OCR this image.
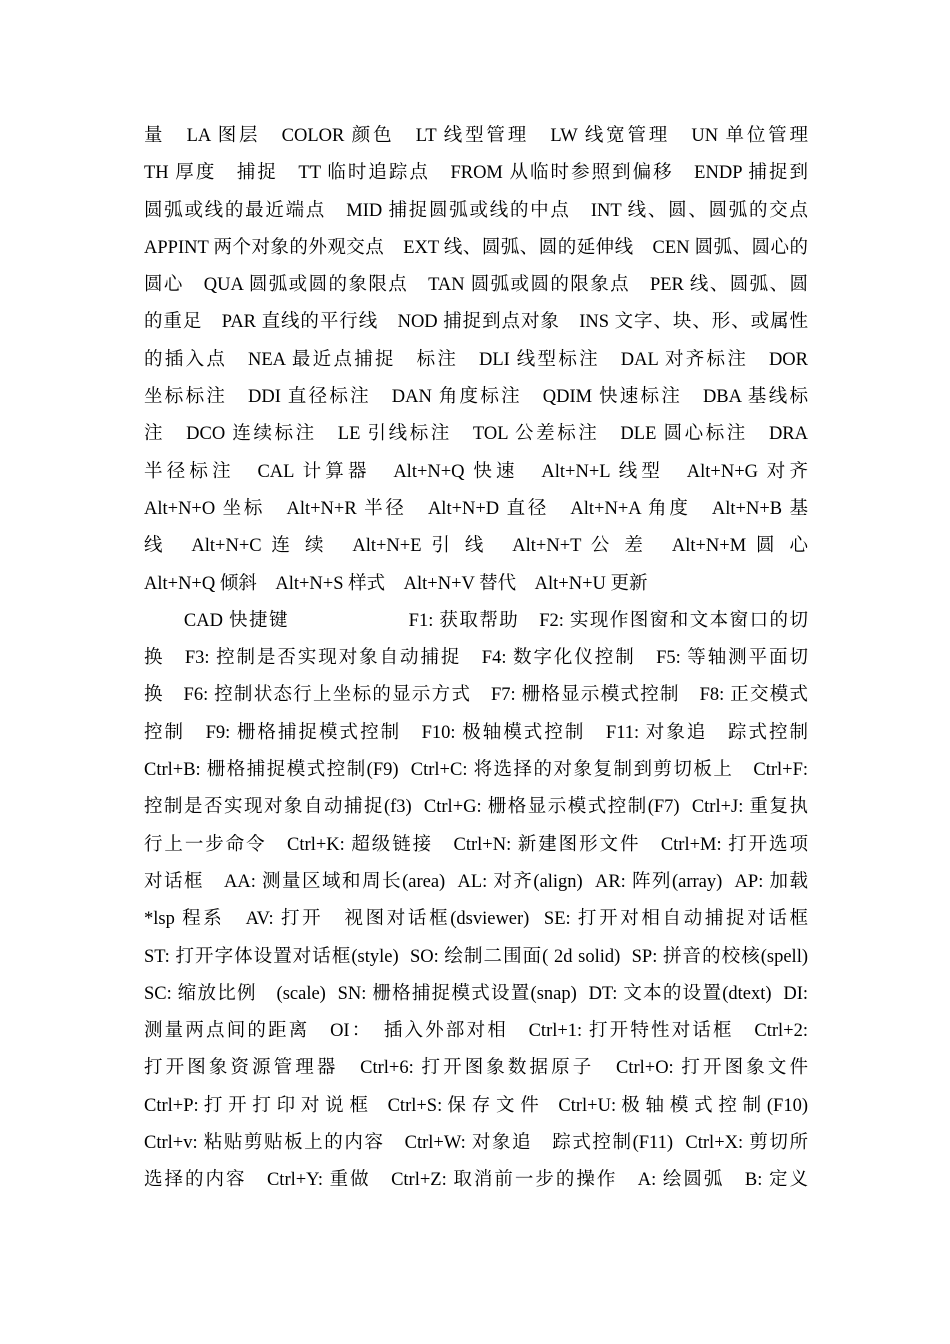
量　LA 图层　COLOR 颜色　LT 线型管理　LW 线宽管理　UN 单位管理
TH 厚度　捕捉　TT 临时追踪点　FROM 从临时参照到偏移　ENDP 捕捉到
圆弧或线的最近端点　MID 捕捉圆弧或线的中点　INT 线、圆、圆弧的交点
APPINT 两个对象的外观交点　EXT 线、圆弧、圆的延伸线　CEN 圆弧、圆心的
圆心　QUA 圆弧或圆的象限点　TAN 圆弧或圆的限象点　PER 线、圆弧、圆
的重足　PAR 直线的平行线　NOD 捕捉到点对象　INS 文字、块、形、或属性
的插入点　NEA 最近点捕捉　标注　DLI 线型标注　DAL 对齐标注　DOR
坐标标注　DDI 直径标注　DAN 角度标注　QDIM 快速标注　DBA 基线标
注　DCO 连续标注　LE 引线标注　TOL 公差标注　DLE 圆心标注　DRA
半径标注　CAL 计算器　Alt+N+Q 快速　Alt+N+L 线型　Alt+N+G 对齐
Alt+N+O 坐标　Alt+N+R 半径　Alt+N+D 直径　Alt+N+A 角度　Alt+N+B 基
线　Alt+N+C 连 续　Alt+N+E 引 线　Alt+N+T 公 差　Alt+N+M 圆 心
Alt+N+Q 倾斜　Alt+N+S 样式　Alt+N+V 替代　Alt+N+U 更新
　　CAD 快捷键　　　　　　F1: 获取帮助　F2: 实现作图窗和文本窗口的切
换　F3: 控制是否实现对象自动捕捉　F4: 数字化仪控制　F5: 等轴测平面切
换　F6: 控制状态行上坐标的显示方式　F7: 栅格显示模式控制　F8: 正交模式
控制　F9: 栅格捕捉模式控制　F10: 极轴模式控制　F11: 对象追　踪式控制
Ctrl+B: 栅格捕捉模式控制(F9)  Ctrl+C: 将选择的对象复制到剪切板上　Ctrl+F:
控制是否实现对象自动捕捉(f3)  Ctrl+G: 栅格显示模式控制(F7)  Ctrl+J: 重复执
行上一步命令　Ctrl+K: 超级链接　Ctrl+N: 新建图形文件　Ctrl+M: 打开选项
对话框　AA: 测量区域和周长(area)  AL: 对齐(align)  AR: 阵列(array)  AP: 加载
*lsp 程系　AV: 打开　视图对话框(dsviewer)  SE: 打开对相自动捕捉对话框
ST: 打开字体设置对话框(style)  SO: 绘制二围面( 2d solid)  SP: 拼音的校核(spell)
SC: 缩放比例　(scale)  SN: 栅格捕捉模式设置(snap)  DT: 文本的设置(dtext)  DI:
测量两点间的距离　OI：　插入外部对相　Ctrl+1: 打开特性对话框　Ctrl+2:
打开图象资源管理器　Ctrl+6: 打开图象数据原子　Ctrl+O: 打开图象文件
Ctrl+P: 打 开 打 印 对 说 框　Ctrl+S: 保 存 文 件　Ctrl+U: 极 轴 模 式 控 制 (F10)
Ctrl+v: 粘贴剪贴板上的内容　Ctrl+W: 对象追　踪式控制(F11)  Ctrl+X: 剪切所
选择的内容　Ctrl+Y: 重做　Ctrl+Z: 取消前一步的操作　A: 绘圆弧　B: 定义
